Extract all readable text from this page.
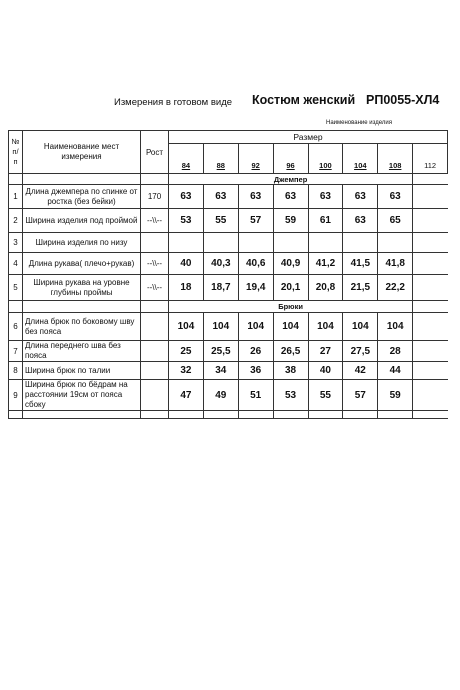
Измерения в готовом виде Костюм женский РП0055-ХЛ4
Наименование изделия
№ п/ п	Наименование мест измерения	Рост	Размер							
			84	88	92	96	100	104	108	112
			Джемпер							
1	Длина джемпера по спинке от ростка (без бейки)	170	63	63	63	63	63	63	63	
2	Ширина изделия под проймой	--\\--	53	55	57	59	61	63	65	
3	Ширина изделия по низу									
4	Длина рукава( плечо+рукав)	--\\--	40	40,3	40,6	40,9	41,2	41,5	41,8	
5	Ширина рукава на уровне глубины проймы	--\\--	18	18,7	19,4	20,1	20,8	21,5	22,2	
			Брюки							
6	Длина брюк по боковому шву без пояса		104	104	104	104	104	104	104	
7	Длина переднего шва без пояса		25	25,5	26	26,5	27	27,5	28	
8	Ширина брюк по талии		32	34	36	38	40	42	44	
9	Ширина брюк по бёдрам на расстоянии 19см от пояса сбоку		47	49	51	53	55	57	59	
